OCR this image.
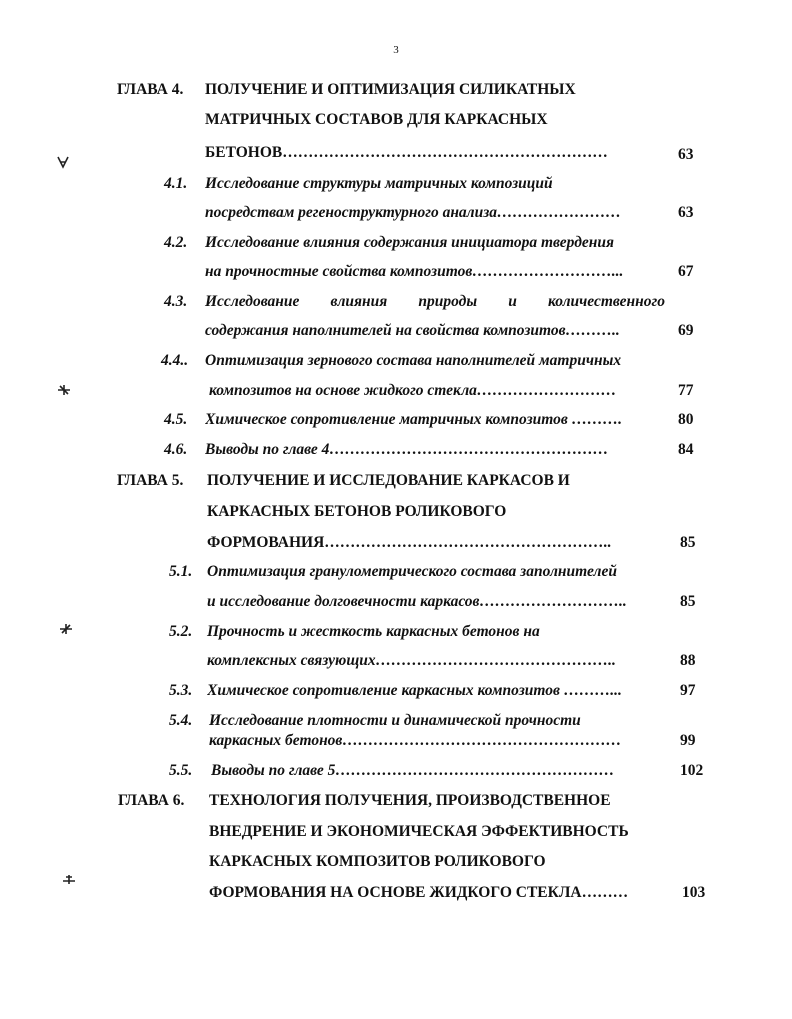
3
ГЛАВА 4. ПОЛУЧЕНИЕ И ОПТИМИЗАЦИЯ СИЛИКАТНЫХ
МАТРИЧНЫХ СОСТАВОВ ДЛЯ КАРКАСНЫХ
БЕТОНОВ………………………………………………………	63
4.1. Исследование структуры матричных композиций
посредствам регеноструктурного анализа……………………	63
4.2. Исследование влияния содержания инициатора твердения
на прочностные свойства композитов………………………...	67
4.3. Исследование влияния природы и количественного
содержания наполнителей на свойства композитов………..	69
4.4.. Оптимизация зернового состава наполнителей матричных
композитов на основе жидкого стекла………………………	77
4.5. Химическое сопротивление матричных композитов ……….	80
4.6. Выводы по главе 4………………………………………………	84
ГЛАВА 5. ПОЛУЧЕНИЕ И ИССЛЕДОВАНИЕ КАРКАСОВ И
КАРКАСНЫХ БЕТОНОВ РОЛИКОВОГО
ФОРМОВАНИЯ………………………………………………..	85
5.1. Оптимизация гранулометрического состава заполнителей
и исследование долговечности каркасов………………………..	85
5.2. Прочность и жесткость каркасных бетонов на
комплексных связующих………………………………………..	88
5.3. Химическое сопротивление каркасных композитов ………...	97
5.4. Исследование плотности и динамической прочности
каркасных бетонов………………………………………………	99
5.5. Выводы по главе 5………………………………………………	102
ГЛАВА 6. ТЕХНОЛОГИЯ ПОЛУЧЕНИЯ, ПРОИЗВОДСТВЕННОЕ
ВНЕДРЕНИЕ И ЭКОНОМИЧЕСКАЯ ЭФФЕКТИВНОСТЬ
КАРКАСНЫХ КОМПОЗИТОВ РОЛИКОВОГО
ФОРМОВАНИЯ НА ОСНОВЕ ЖИДКОГО СТЕКЛА………	103
